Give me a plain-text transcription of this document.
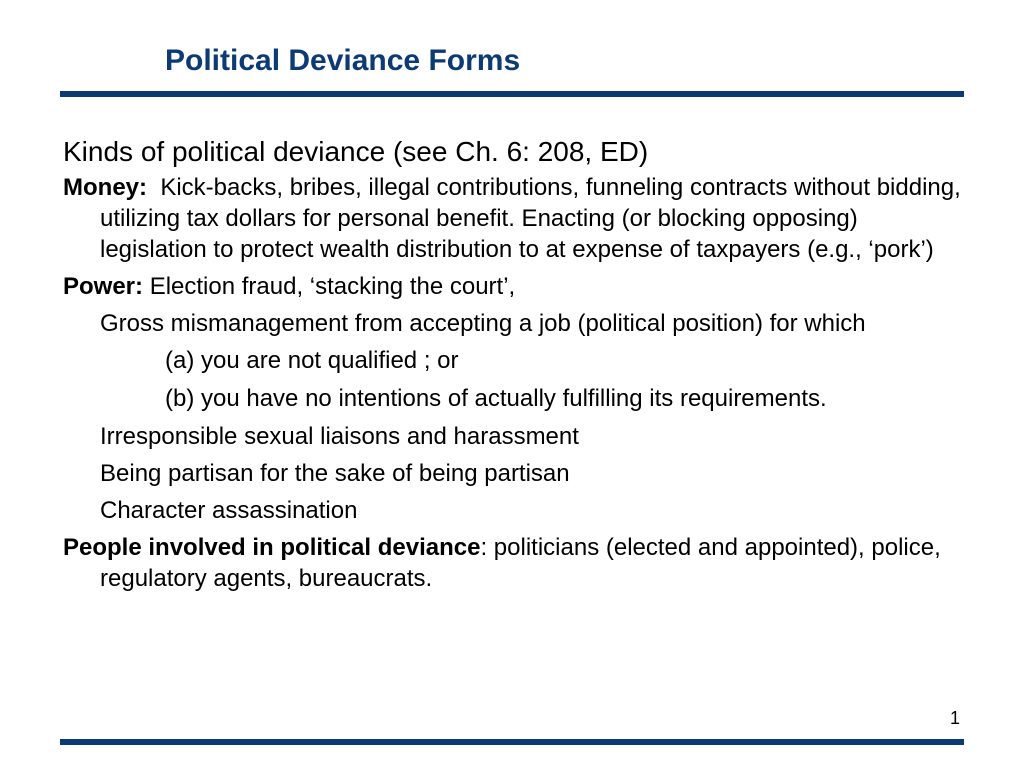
Political Deviance Forms
Kinds of political deviance (see Ch. 6: 208, ED)
Money: Kick-backs, bribes, illegal contributions, funneling contracts without bidding, utilizing tax dollars for personal benefit. Enacting (or blocking opposing) legislation to protect wealth distribution to at expense of taxpayers (e.g., ‘pork’)
Power: Election fraud, ‘stacking the court’,
Gross mismanagement from accepting a job (political position) for which
(a) you are not qualified ; or
(b) you have no intentions of actually fulfilling its requirements.
Irresponsible sexual liaisons and harassment
Being partisan for the sake of being partisan
Character assassination
People involved in political deviance: politicians (elected and appointed), police, regulatory agents, bureaucrats.
1
